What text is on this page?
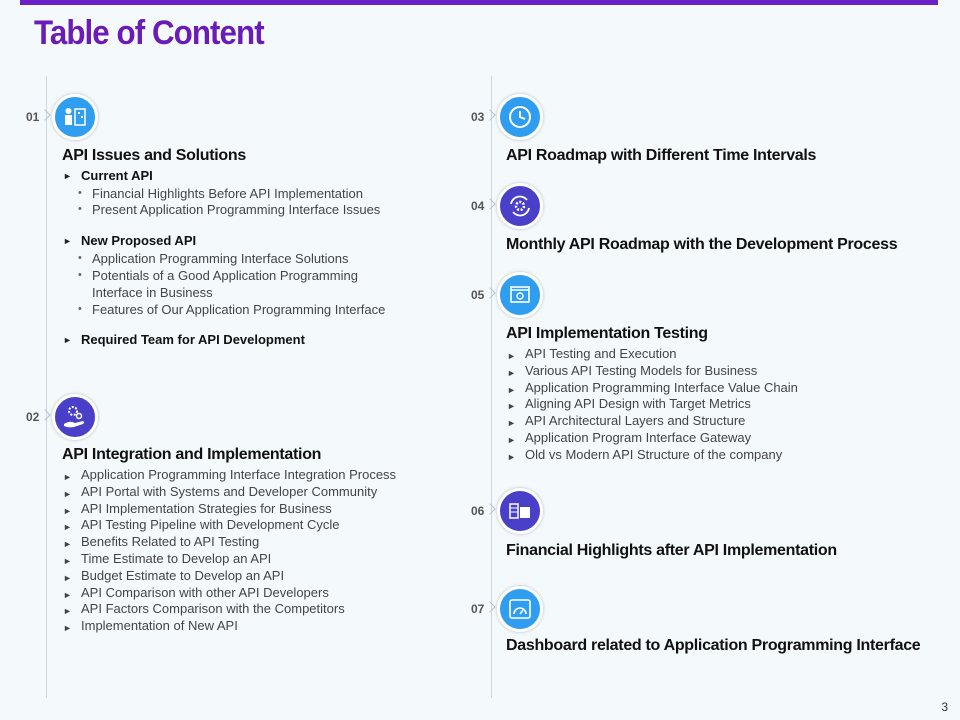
Table of Content
01
API Issues and Solutions
► Current API
• Financial Highlights Before API Implementation
• Present Application Programming Interface Issues
► New Proposed API
• Application Programming Interface Solutions
• Potentials of a Good Application Programming Interface in Business
• Features of Our Application Programming Interface
► Required Team for API Development
02
API Integration and Implementation
► Application Programming Interface Integration Process
► API Portal with Systems and Developer Community
► API Implementation Strategies for Business
► API Testing Pipeline with Development Cycle
► Benefits Related to API Testing
► Time Estimate to Develop an API
► Budget Estimate to Develop an API
► API Comparison with other API Developers
► API Factors Comparison with the Competitors
► Implementation of New API
03
API Roadmap with Different Time Intervals
04
Monthly API Roadmap with the Development Process
05
API Implementation Testing
► API Testing and Execution
► Various API Testing Models for Business
► Application Programming Interface Value Chain
► Aligning API Design with Target Metrics
► API Architectural Layers and Structure
► Application Program Interface Gateway
► Old vs Modern API Structure of the company
06
Financial Highlights after API Implementation
07
Dashboard related to Application Programming Interface
3
